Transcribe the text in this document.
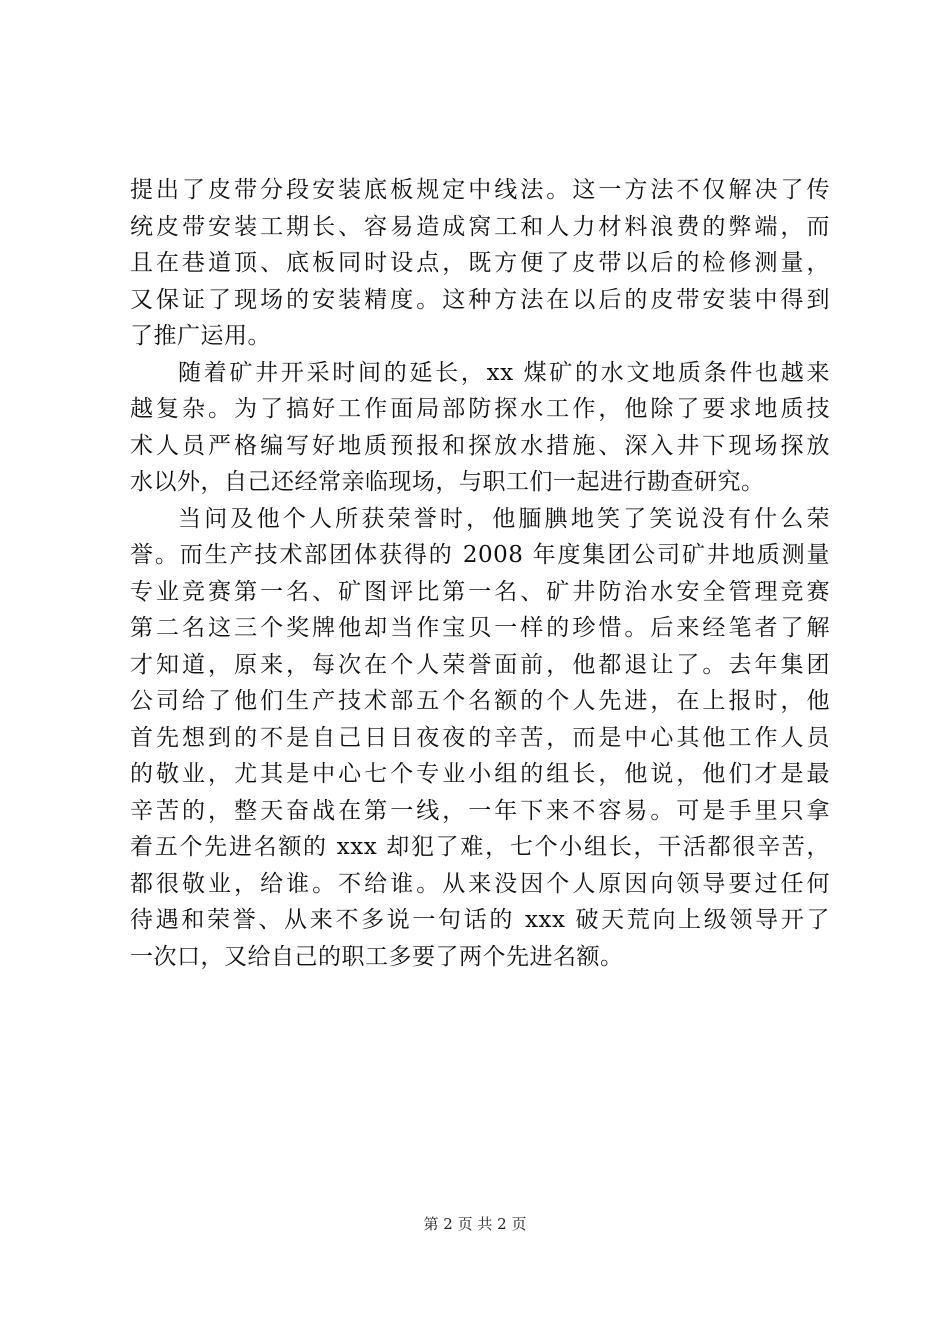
提出了皮带分段安装底板规定中线法。这一方法不仅解决了传
统皮带安装工期长、容易造成窝工和人力材料浪费的弊端，而
且在巷道顶、底板同时设点，既方便了皮带以后的检修测量，
又保证了现场的安装精度。这种方法在以后的皮带安装中得到
了推广运用。
随着矿井开采时间的延长，xx 煤矿的水文地质条件也越来
越复杂。为了搞好工作面局部防探水工作，他除了要求地质技
术人员严格编写好地质预报和探放水措施、深入井下现场探放
水以外，自己还经常亲临现场，与职工们一起进行勘查研究。
当问及他个人所获荣誉时，他腼腆地笑了笑说没有什么荣
誉。而生产技术部团体获得的 2008 年度集团公司矿井地质测量
专业竞赛第一名、矿图评比第一名、矿井防治水安全管理竞赛
第二名这三个奖牌他却当作宝贝一样的珍惜。后来经笔者了解
才知道，原来，每次在个人荣誉面前，他都退让了。去年集团
公司给了他们生产技术部五个名额的个人先进，在上报时，他
首先想到的不是自己日日夜夜的辛苦，而是中心其他工作人员
的敬业，尤其是中心七个专业小组的组长，他说，他们才是最
辛苦的，整天奋战在第一线，一年下来不容易。可是手里只拿
着五个先进名额的 xxx 却犯了难，七个小组长，干活都很辛苦，
都很敬业，给谁。不给谁。从来没因个人原因向领导要过任何
待遇和荣誉、从来不多说一句话的 xxx 破天荒向上级领导开了
一次口，又给自己的职工多要了两个先进名额。
第 2 页 共 2 页
